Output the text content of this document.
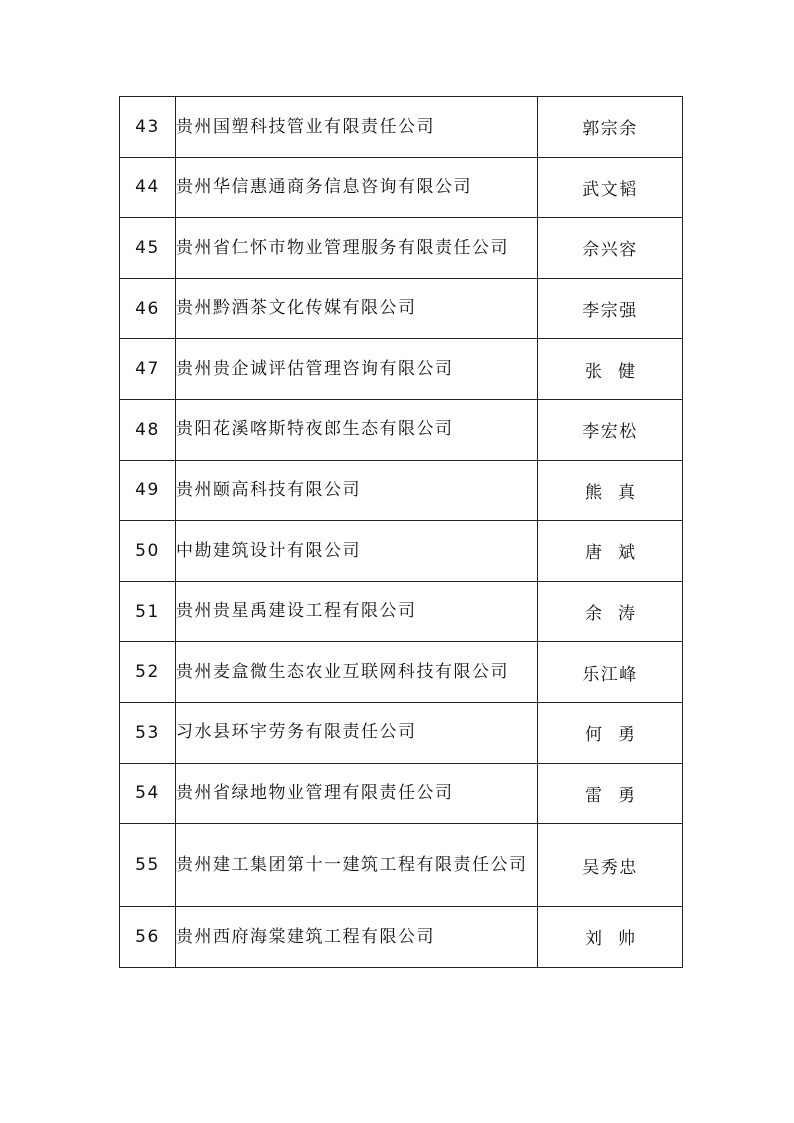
43	贵州国塑科技管业有限责任公司	郭宗余
44	贵州华信惠通商务信息咨询有限公司	武文韬
45	贵州省仁怀市物业管理服务有限责任公司	佘兴容
46	贵州黔酒茶文化传媒有限公司	李宗强
47	贵州贵企诚评估管理咨询有限公司	张健
48	贵阳花溪喀斯特夜郎生态有限公司	李宏松
49	贵州颐高科技有限公司	熊真
50	中勘建筑设计有限公司	唐斌
51	贵州贵星禹建设工程有限公司	余涛
52	贵州麦盒微生态农业互联网科技有限公司	乐江峰
53	习水县环宇劳务有限责任公司	何勇
54	贵州省绿地物业管理有限责任公司	雷勇
55	贵州建工集团第十一建筑工程有限责任公司	吴秀忠
56	贵州西府海棠建筑工程有限公司	刘帅
